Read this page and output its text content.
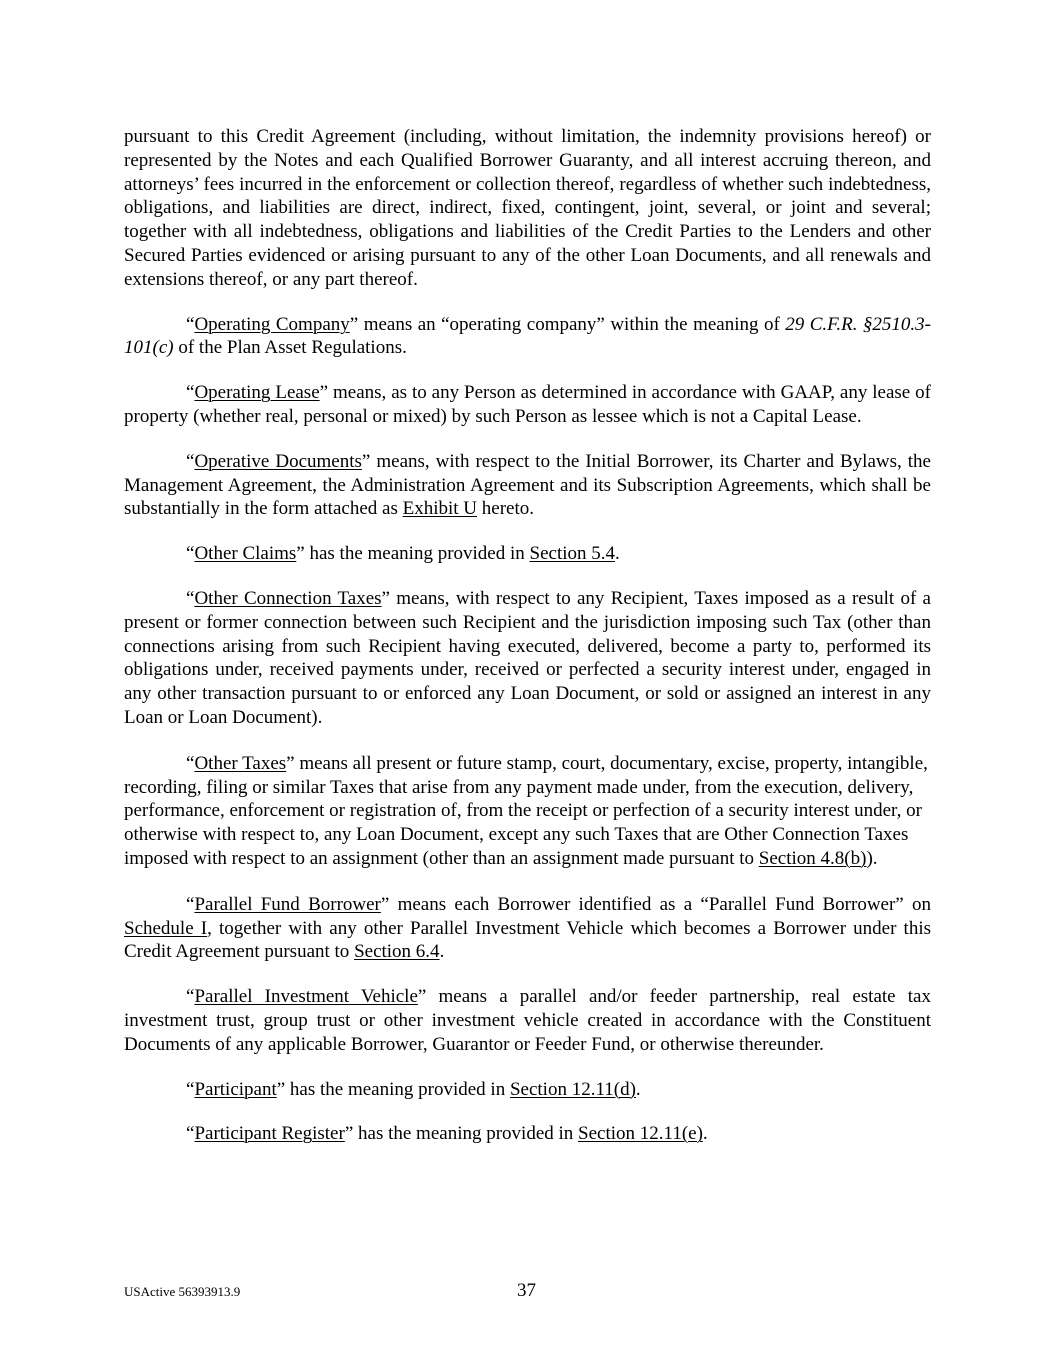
pursuant to this Credit Agreement (including, without limitation, the indemnity provisions hereof) or represented by the Notes and each Qualified Borrower Guaranty, and all interest accruing thereon, and attorneys’ fees incurred in the enforcement or collection thereof, regardless of whether such indebtedness, obligations, and liabilities are direct, indirect, fixed, contingent, joint, several, or joint and several; together with all indebtedness, obligations and liabilities of the Credit Parties to the Lenders and other Secured Parties evidenced or arising pursuant to any of the other Loan Documents, and all renewals and extensions thereof, or any part thereof.

“Operating Company” means an “operating company” within the meaning of 29 C.F.R. §2510.3-101(c) of the Plan Asset Regulations.

“Operating Lease” means, as to any Person as determined in accordance with GAAP, any lease of property (whether real, personal or mixed) by such Person as lessee which is not a Capital Lease.

“Operative Documents” means, with respect to the Initial Borrower, its Charter and Bylaws, the Management Agreement, the Administration Agreement and its Subscription Agreements, which shall be substantially in the form attached as Exhibit U hereto.

“Other Claims” has the meaning provided in Section 5.4.

“Other Connection Taxes” means, with respect to any Recipient, Taxes imposed as a result of a present or former connection between such Recipient and the jurisdiction imposing such Tax (other than connections arising from such Recipient having executed, delivered, become a party to, performed its obligations under, received payments under, received or perfected a security interest under, engaged in any other transaction pursuant to or enforced any Loan Document, or sold or assigned an interest in any Loan or Loan Document).

“Other Taxes” means all present or future stamp, court, documentary, excise, property, intangible, recording, filing or similar Taxes that arise from any payment made under, from the execution, delivery, performance, enforcement or registration of, from the receipt or perfection of a security interest under, or otherwise with respect to, any Loan Document, except any such Taxes that are Other Connection Taxes imposed with respect to an assignment (other than an assignment made pursuant to Section 4.8(b)).

“Parallel Fund Borrower” means each Borrower identified as a “Parallel Fund Borrower” on Schedule I, together with any other Parallel Investment Vehicle which becomes a Borrower under this Credit Agreement pursuant to Section 6.4.

“Parallel Investment Vehicle” means a parallel and/or feeder partnership, real estate tax investment trust, group trust or other investment vehicle created in accordance with the Constituent Documents of any applicable Borrower, Guarantor or Feeder Fund, or otherwise thereunder.

“Participant” has the meaning provided in Section 12.11(d).

“Participant Register” has the meaning provided in Section 12.11(e).

USActive 56393913.9	37
